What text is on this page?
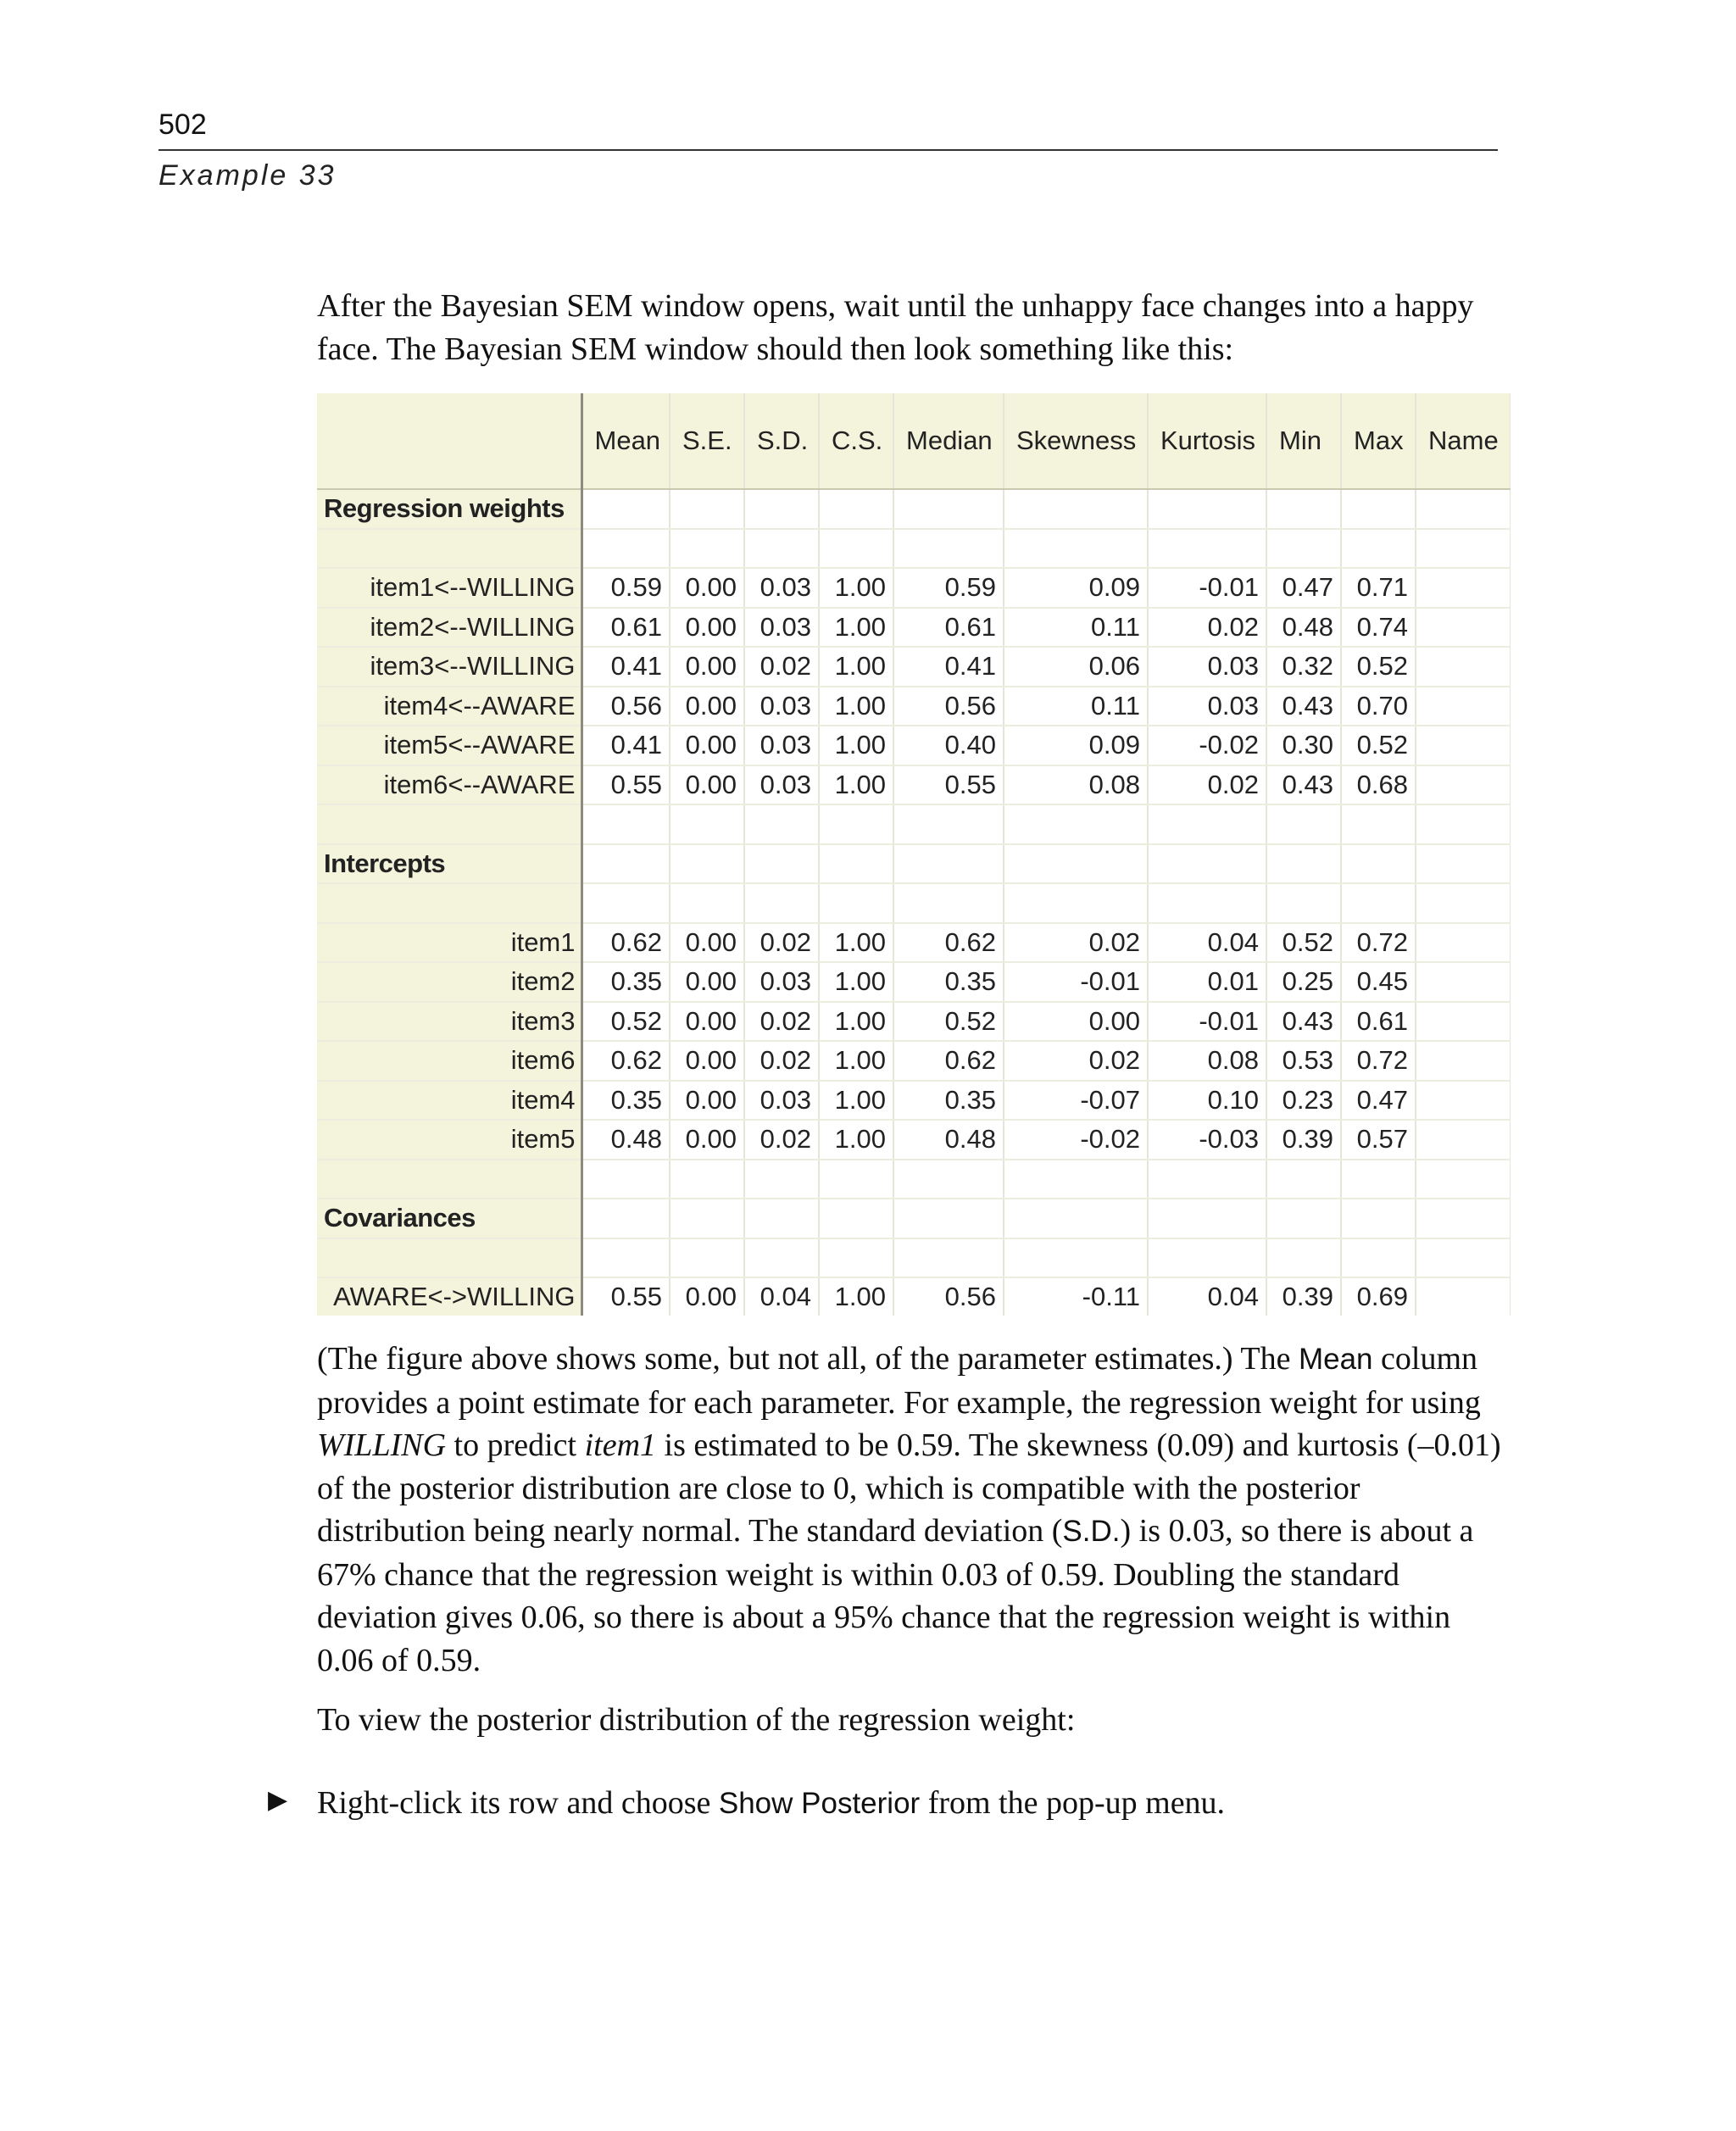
502
Example 33

After the Bayesian SEM window opens, wait until the unhappy face changes into a happy face. The Bayesian SEM window should then look something like this:

	Mean	S.E.	S.D.	C.S.	Median	Skewness	Kurtosis	Min	Max	Name
Regression weights										

item1<--WILLING	0.59	0.00	0.03	1.00	0.59	0.09	-0.01	0.47	0.71	
item2<--WILLING	0.61	0.00	0.03	1.00	0.61	0.11	0.02	0.48	0.74	
item3<--WILLING	0.41	0.00	0.02	1.00	0.41	0.06	0.03	0.32	0.52	
item4<--AWARE	0.56	0.00	0.03	1.00	0.56	0.11	0.03	0.43	0.70	
item5<--AWARE	0.41	0.00	0.03	1.00	0.40	0.09	-0.02	0.30	0.52	
item6<--AWARE	0.55	0.00	0.03	1.00	0.55	0.08	0.02	0.43	0.68	

Intercepts										

item1	0.62	0.00	0.02	1.00	0.62	0.02	0.04	0.52	0.72	
item2	0.35	0.00	0.03	1.00	0.35	-0.01	0.01	0.25	0.45	
item3	0.52	0.00	0.02	1.00	0.52	0.00	-0.01	0.43	0.61	
item6	0.62	0.00	0.02	1.00	0.62	0.02	0.08	0.53	0.72	
item4	0.35	0.00	0.03	1.00	0.35	-0.07	0.10	0.23	0.47	
item5	0.48	0.00	0.02	1.00	0.48	-0.02	-0.03	0.39	0.57	

Covariances										

AWARE<->WILLING	0.55	0.00	0.04	1.00	0.56	-0.11	0.04	0.39	0.69	

(The figure above shows some, but not all, of the parameter estimates.) The Mean column provides a point estimate for each parameter. For example, the regression weight for using WILLING to predict item1 is estimated to be 0.59. The skewness (0.09) and kurtosis (–0.01) of the posterior distribution are close to 0, which is compatible with the posterior distribution being nearly normal. The standard deviation (S.D.) is 0.03, so there is about a 67% chance that the regression weight is within 0.03 of 0.59. Doubling the standard deviation gives 0.06, so there is about a 95% chance that the regression weight is within 0.06 of 0.59.

To view the posterior distribution of the regression weight:

▶ Right-click its row and choose Show Posterior from the pop-up menu.
